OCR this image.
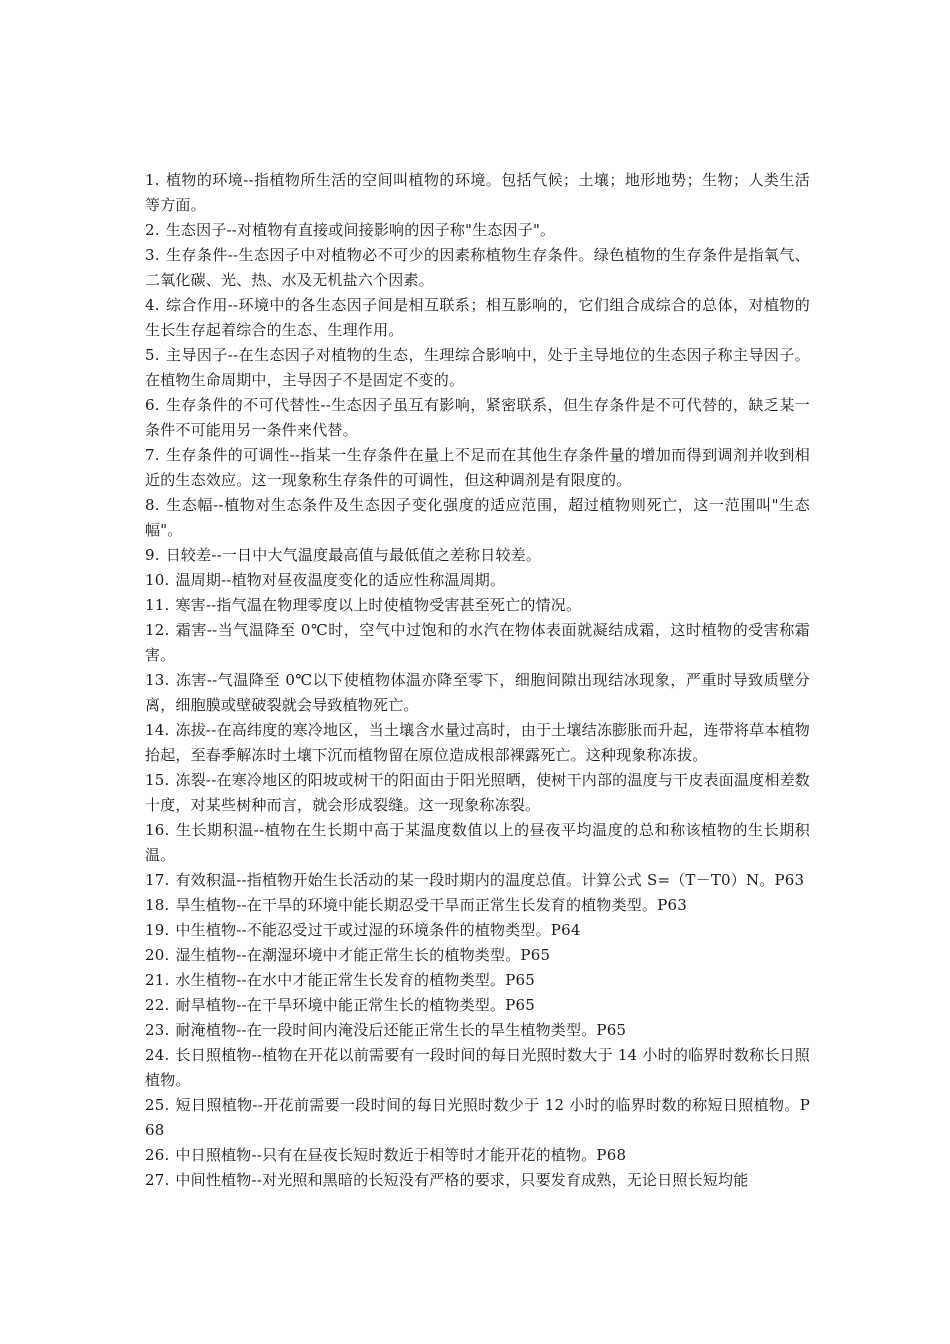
1. 植物的环境--指植物所生活的空间叫植物的环境。包括气候；土壤；地形地势；生物；人类生活等方面。

2. 生态因子--对植物有直接或间接影响的因子称"生态因子"。

3. 生存条件--生态因子中对植物必不可少的因素称植物生存条件。绿色植物的生存条件是指氧气、二氧化碳、光、热、水及无机盐六个因素。

4. 综合作用--环境中的各生态因子间是相互联系；相互影响的，它们组合成综合的总体，对植物的生长生存起着综合的生态、生理作用。

5. 主导因子--在生态因子对植物的生态，生理综合影响中，处于主导地位的生态因子称主导因子。在植物生命周期中，主导因子不是固定不变的。

6. 生存条件的不可代替性--生态因子虽互有影响，紧密联系，但生存条件是不可代替的，缺乏某一条件不可能用另一条件来代替。

7. 生存条件的可调性--指某一生存条件在量上不足而在其他生存条件量的增加而得到调剂并收到相近的生态效应。这一现象称生存条件的可调性，但这种调剂是有限度的。

8. 生态幅--植物对生态条件及生态因子变化强度的适应范围，超过植物则死亡，这一范围叫"生态幅"。

9. 日较差--一日中大气温度最高值与最低值之差称日较差。

10. 温周期--植物对昼夜温度变化的适应性称温周期。

11. 寒害--指气温在物理零度以上时使植物受害甚至死亡的情况。

12. 霜害--当气温降至 0℃时，空气中过饱和的水汽在物体表面就凝结成霜，这时植物的受害称霜害。

13. 冻害--气温降至 0℃以下使植物体温亦降至零下，细胞间隙出现结冰现象，严重时导致质壁分离，细胞膜或壁破裂就会导致植物死亡。

14. 冻拔--在高纬度的寒冷地区，当土壤含水量过高时，由于土壤结冻膨胀而升起，连带将草本植物抬起，至春季解冻时土壤下沉而植物留在原位造成根部裸露死亡。这种现象称冻拔。

15. 冻裂--在寒冷地区的阳坡或树干的阳面由于阳光照晒，使树干内部的温度与干皮表面温度相差数十度，对某些树种而言，就会形成裂缝。这一现象称冻裂。

16. 生长期积温--植物在生长期中高于某温度数值以上的昼夜平均温度的总和称该植物的生长期积温。

17. 有效积温--指植物开始生长活动的某一段时期内的温度总值。计算公式 S=（T－T0）N。P63

18. 旱生植物--在干旱的环境中能长期忍受干旱而正常生长发育的植物类型。P63

19. 中生植物--不能忍受过干或过湿的环境条件的植物类型。P64

20. 湿生植物--在潮湿环境中才能正常生长的植物类型。P65

21. 水生植物--在水中才能正常生长发育的植物类型。P65

22. 耐旱植物--在干旱环境中能正常生长的植物类型。P65

23. 耐淹植物--在一段时间内淹没后还能正常生长的旱生植物类型。P65

24. 长日照植物--植物在开花以前需要有一段时间的每日光照时数大于 14 小时的临界时数称长日照植物。

25. 短日照植物--开花前需要一段时间的每日光照时数少于 12 小时的临界时数的称短日照植物。P68

26. 中日照植物--只有在昼夜长短时数近于相等时才能开花的植物。P68

27. 中间性植物--对光照和黑暗的长短没有严格的要求，只要发育成熟，无论日照长短均能
